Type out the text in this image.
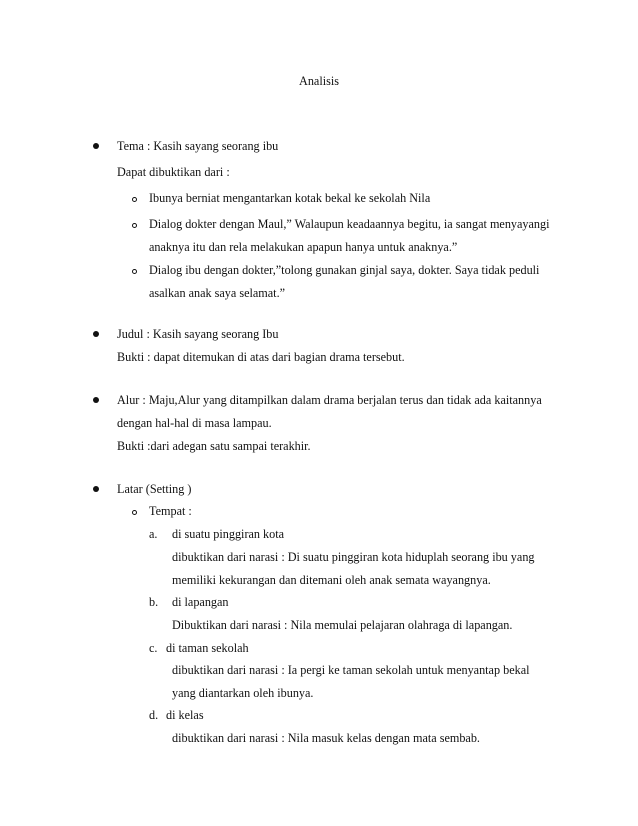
Analisis
Tema : Kasih sayang seorang ibu
Dapat dibuktikan dari :
Ibunya berniat mengantarkan kotak bekal ke sekolah Nila
Dialog dokter dengan Maul,” Walaupun keadaannya begitu, ia sangat menyayangi
anaknya itu dan rela melakukan apapun hanya untuk anaknya.”
Dialog ibu dengan dokter,”tolong gunakan ginjal saya, dokter. Saya tidak peduli
asalkan anak saya selamat.”
Judul : Kasih sayang seorang Ibu
Bukti : dapat ditemukan di atas dari bagian drama tersebut.
Alur : Maju,Alur yang ditampilkan dalam drama berjalan terus dan tidak ada kaitannya
dengan hal-hal di masa lampau.
Bukti :dari adegan satu sampai terakhir.
Latar (Setting )
Tempat :
a. di suatu pinggiran kota
dibuktikan dari narasi : Di suatu pinggiran kota hiduplah seorang ibu yang
memiliki kekurangan dan ditemani oleh anak semata wayangnya.
b. di lapangan
Dibuktikan dari narasi : Nila memulai pelajaran olahraga di lapangan.
c. di taman sekolah
dibuktikan dari narasi : Ia pergi ke taman sekolah untuk menyantap bekal
yang diantarkan oleh ibunya.
d. di kelas
dibuktikan dari narasi : Nila masuk kelas dengan mata sembab.
